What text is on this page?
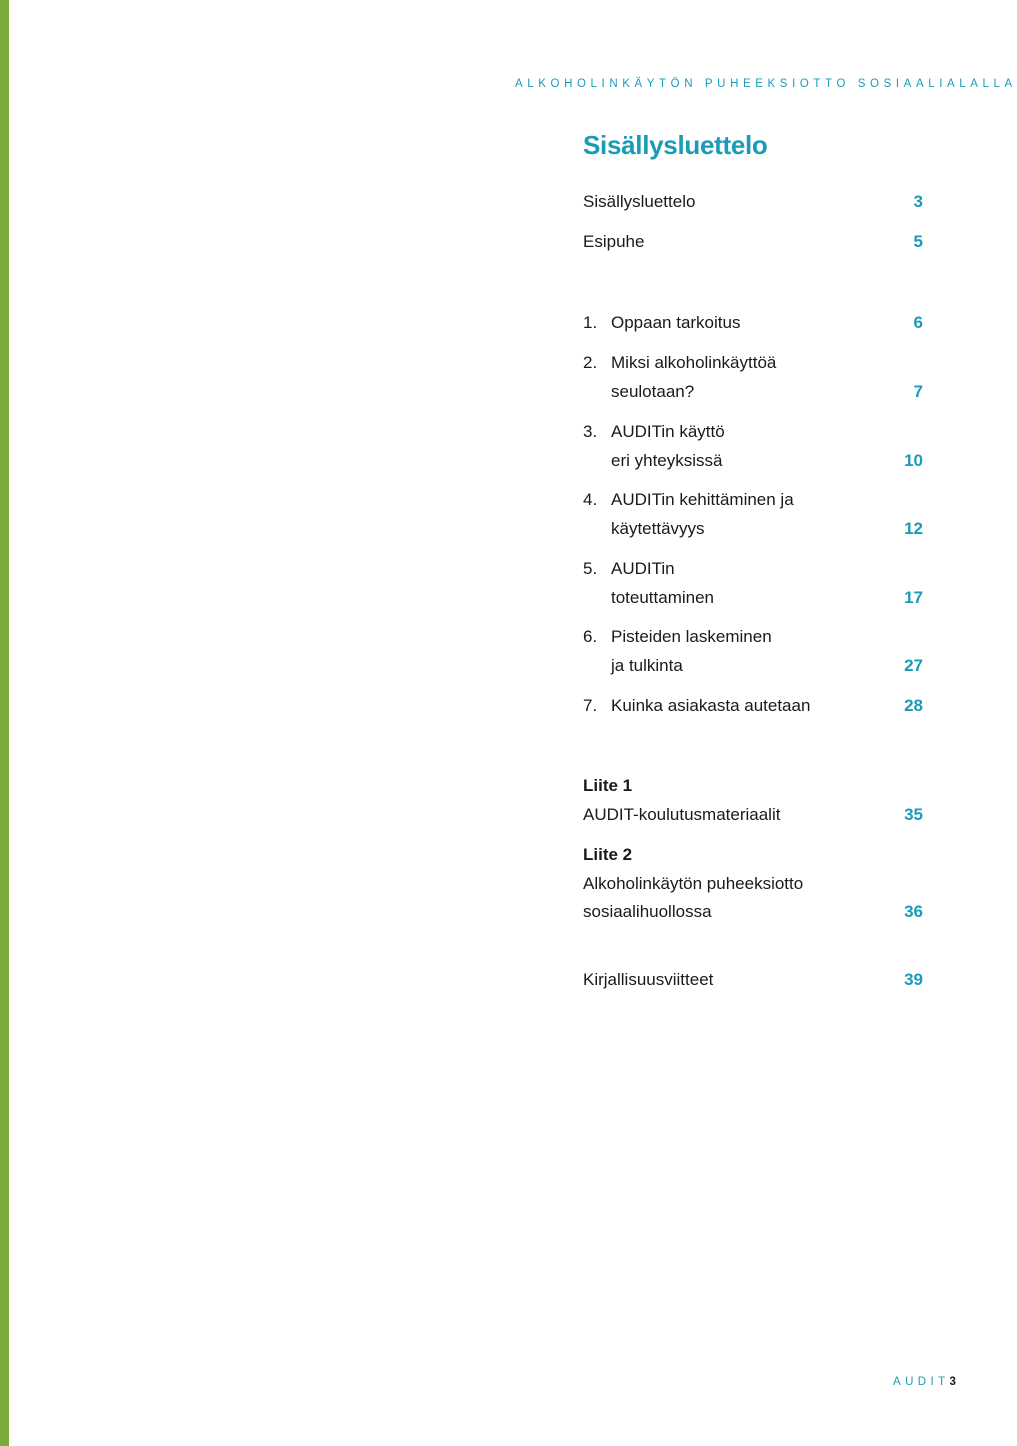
ALKOHOLINKÄYTÖN PUHEEKSIOTTO SOSIAALIALALLA
Sisällysluettelo
Sisällysluettelo	3
Esipuhe	5
1. Oppaan tarkoitus	6
2. Miksi alkoholinkäyttöä
seulotaan?	7
3. AUDITin käyttö
eri yhteyksissä	10
4. AUDITin kehittäminen ja
käytettävyys	12
5. AUDITin
toteuttaminen	17
6. Pisteiden laskeminen
ja tulkinta	27
7. Kuinka asiakasta autetaan	28
Liite 1
AUDIT-koulutusmateriaalit	35
Liite 2
Alkoholinkäytön puheeksiotto
sosiaalihuollossa	36
Kirjallisuusviitteet	39
AUDIT3
